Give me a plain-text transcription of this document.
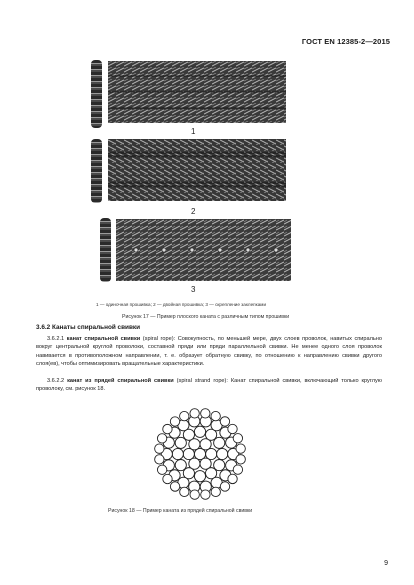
ГОСТ EN 12385-2—2015
1
2
3
1 — одиночная прошивка; 2 — двойная прошивка; 3 — скрепление заклепками
Рисунок 17 — Пример плоского каната с различным типом прошивки
3.6.2 Канаты спиральной свивки

3.6.2.1 канат спиральной свивки (spiral rope): Совокупность, по меньшей мере, двух слоев проволок, навитых спирально вокруг центральной круглой проволоки, составной пряди или пряди параллельной свивки. Не менее одного слоя проволок навивается в противоположном направлении, т. е. образует обратную свивку, по отношению к направлению свивки другого слоя(ев), чтобы оптимизировать вращательные характеристики.

3.6.2.2 канат из прядей спиральной свивки (spiral strand rope): Канат спиральной свивки, включающий только круглую проволоку, см. рисунок 18.

Рисунок 18 — Пример каната из прядей спиральной свивки
9
